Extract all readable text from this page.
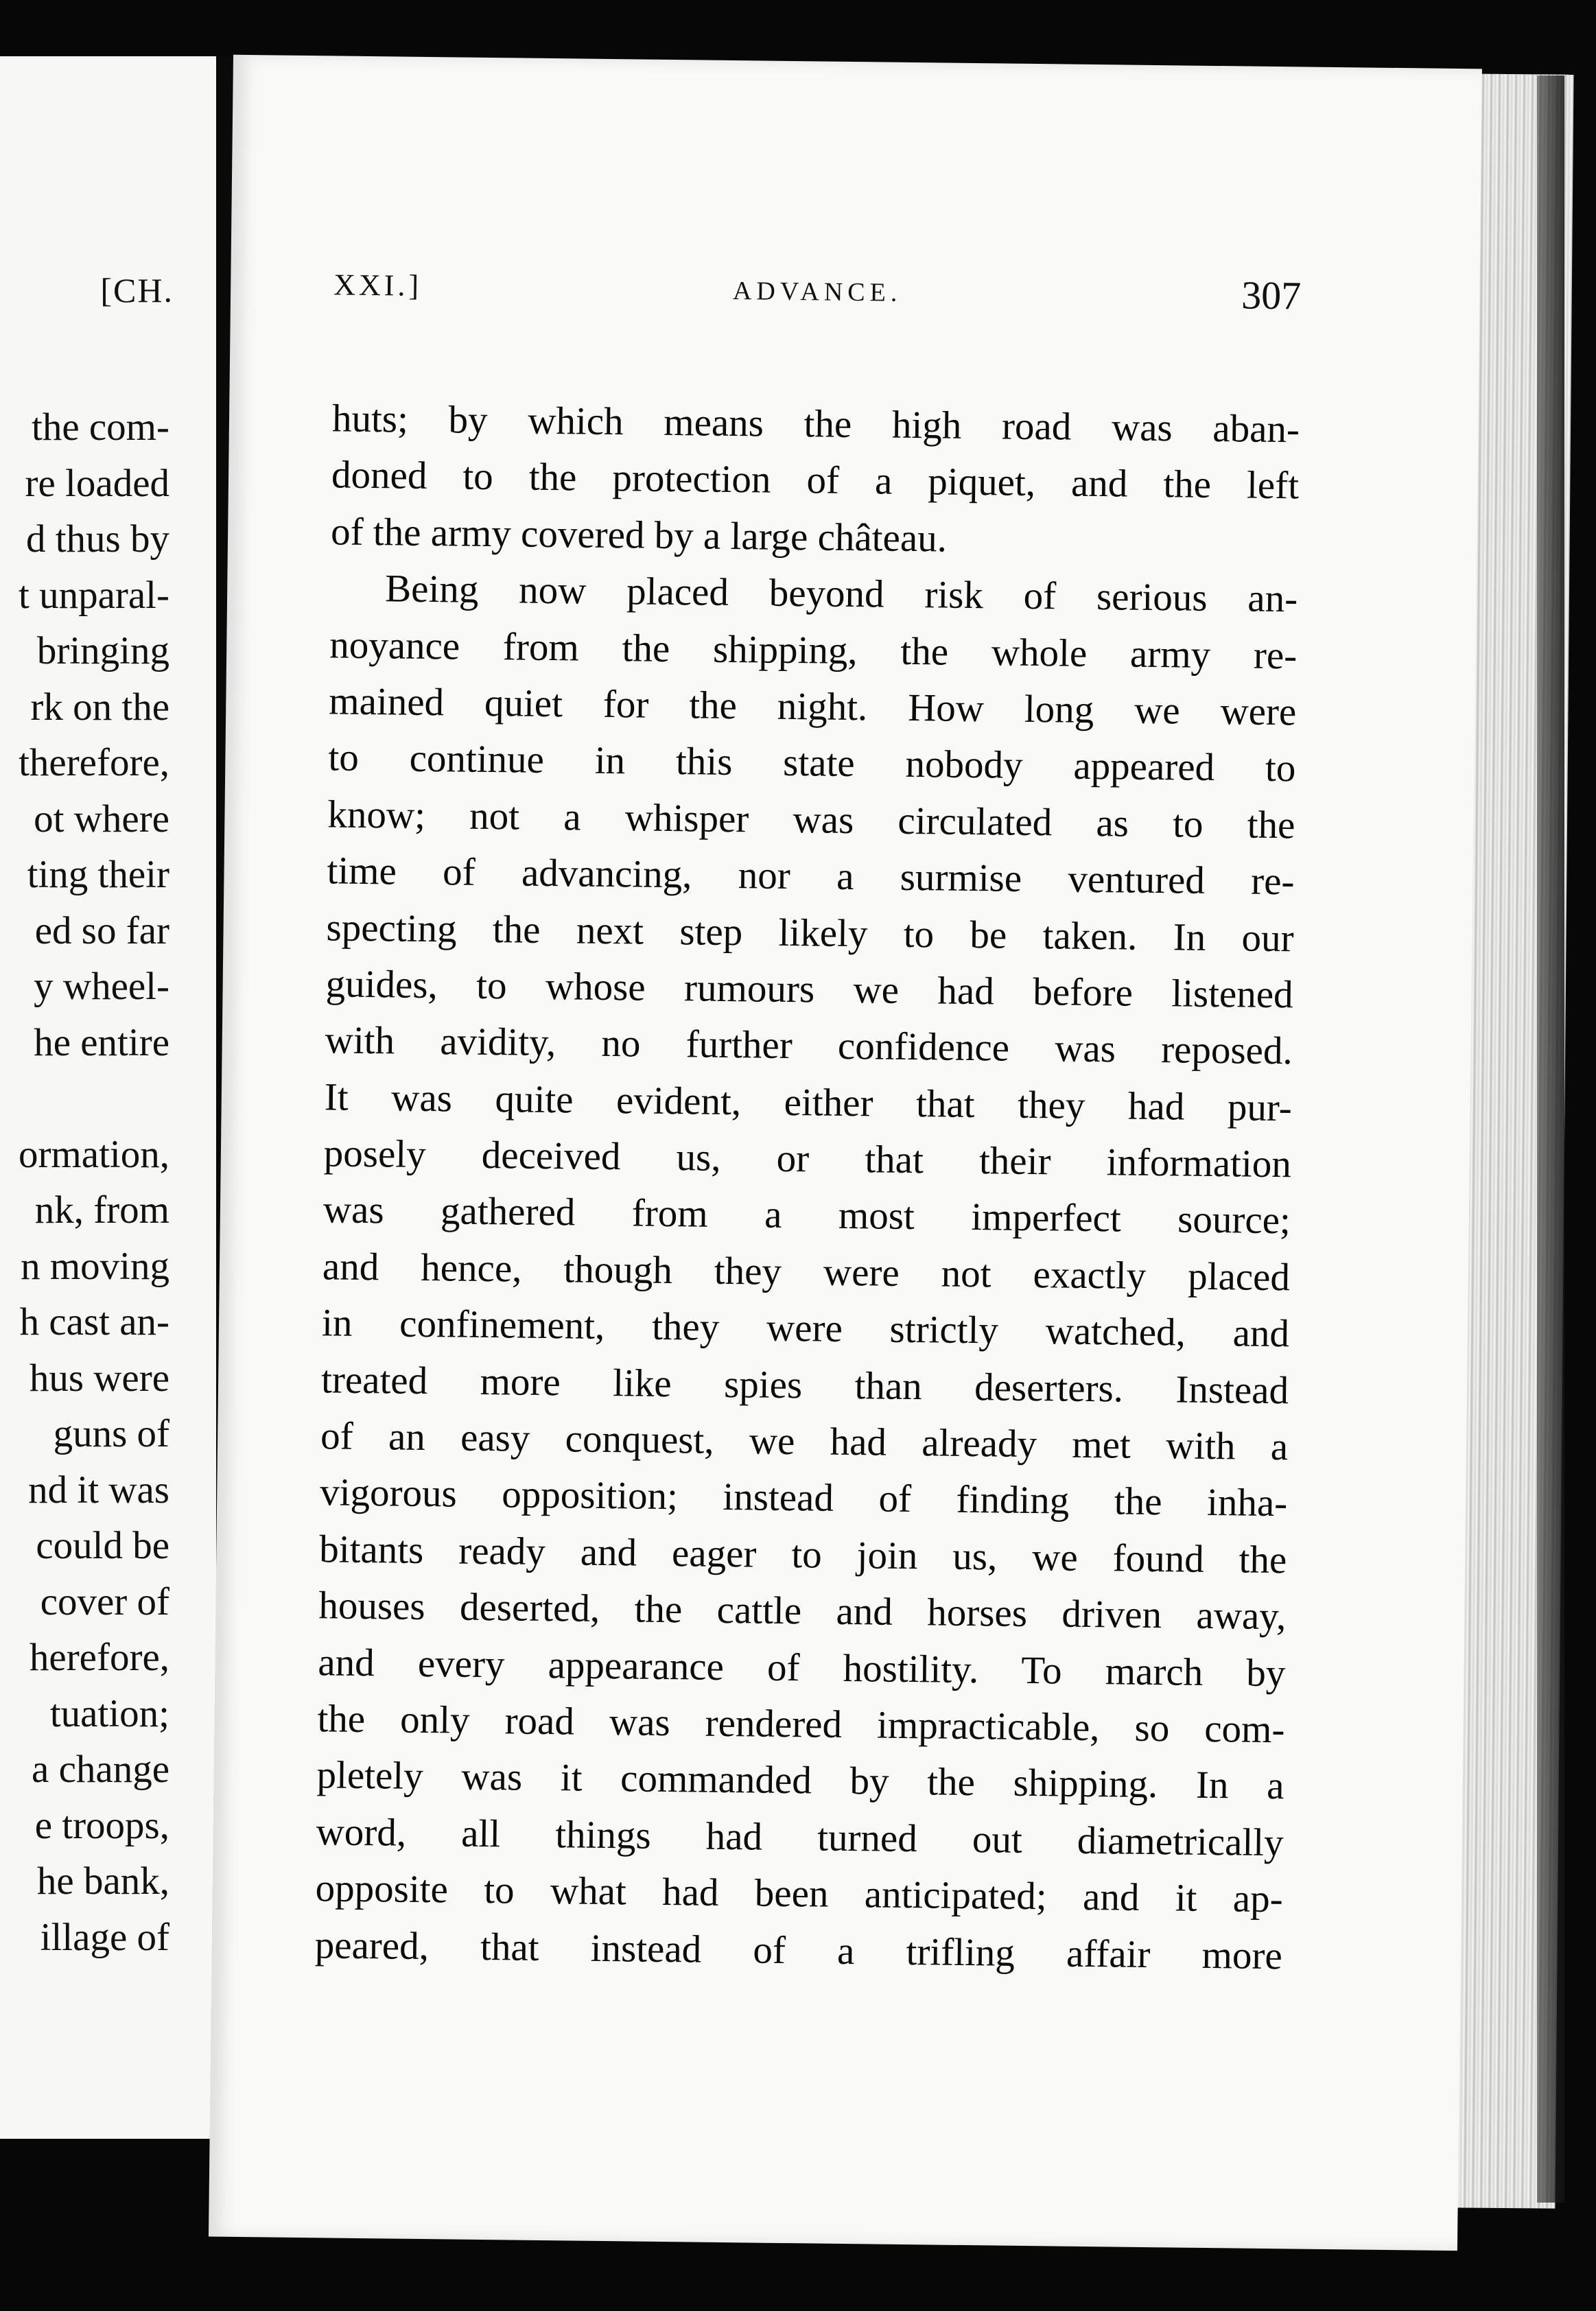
[CH.
the com-
re loaded
d thus by
t unparal-
bringing
rk on the
therefore,
ot where
ting their
ed so far
y wheel-
he entire
ormation,
nk, from
n moving
h cast an-
hus were
guns of
nd it was
could be
cover of
herefore,
tuation;
a change
e troops,
he bank,
illage of
XXI.]	ADVANCE.	307
huts; by which means the high road was aban-
doned to the protection of a piquet, and the left
of the army covered by a large château.
Being now placed beyond risk of serious an-
noyance from the shipping, the whole army re-
mained quiet for the night. How long we were
to continue in this state nobody appeared to
know; not a whisper was circulated as to the
time of advancing, nor a surmise ventured re-
specting the next step likely to be taken. In our
guides, to whose rumours we had before listened
with avidity, no further confidence was reposed.
It was quite evident, either that they had pur-
posely deceived us, or that their information
was gathered from a most imperfect source;
and hence, though they were not exactly placed
in confinement, they were strictly watched, and
treated more like spies than deserters. Instead
of an easy conquest, we had already met with a
vigorous opposition; instead of finding the inha-
bitants ready and eager to join us, we found the
houses deserted, the cattle and horses driven away,
and every appearance of hostility. To march by
the only road was rendered impracticable, so com-
pletely was it commanded by the shipping. In a
word, all things had turned out diametrically
opposite to what had been anticipated; and it ap-
peared, that instead of a trifling affair more
